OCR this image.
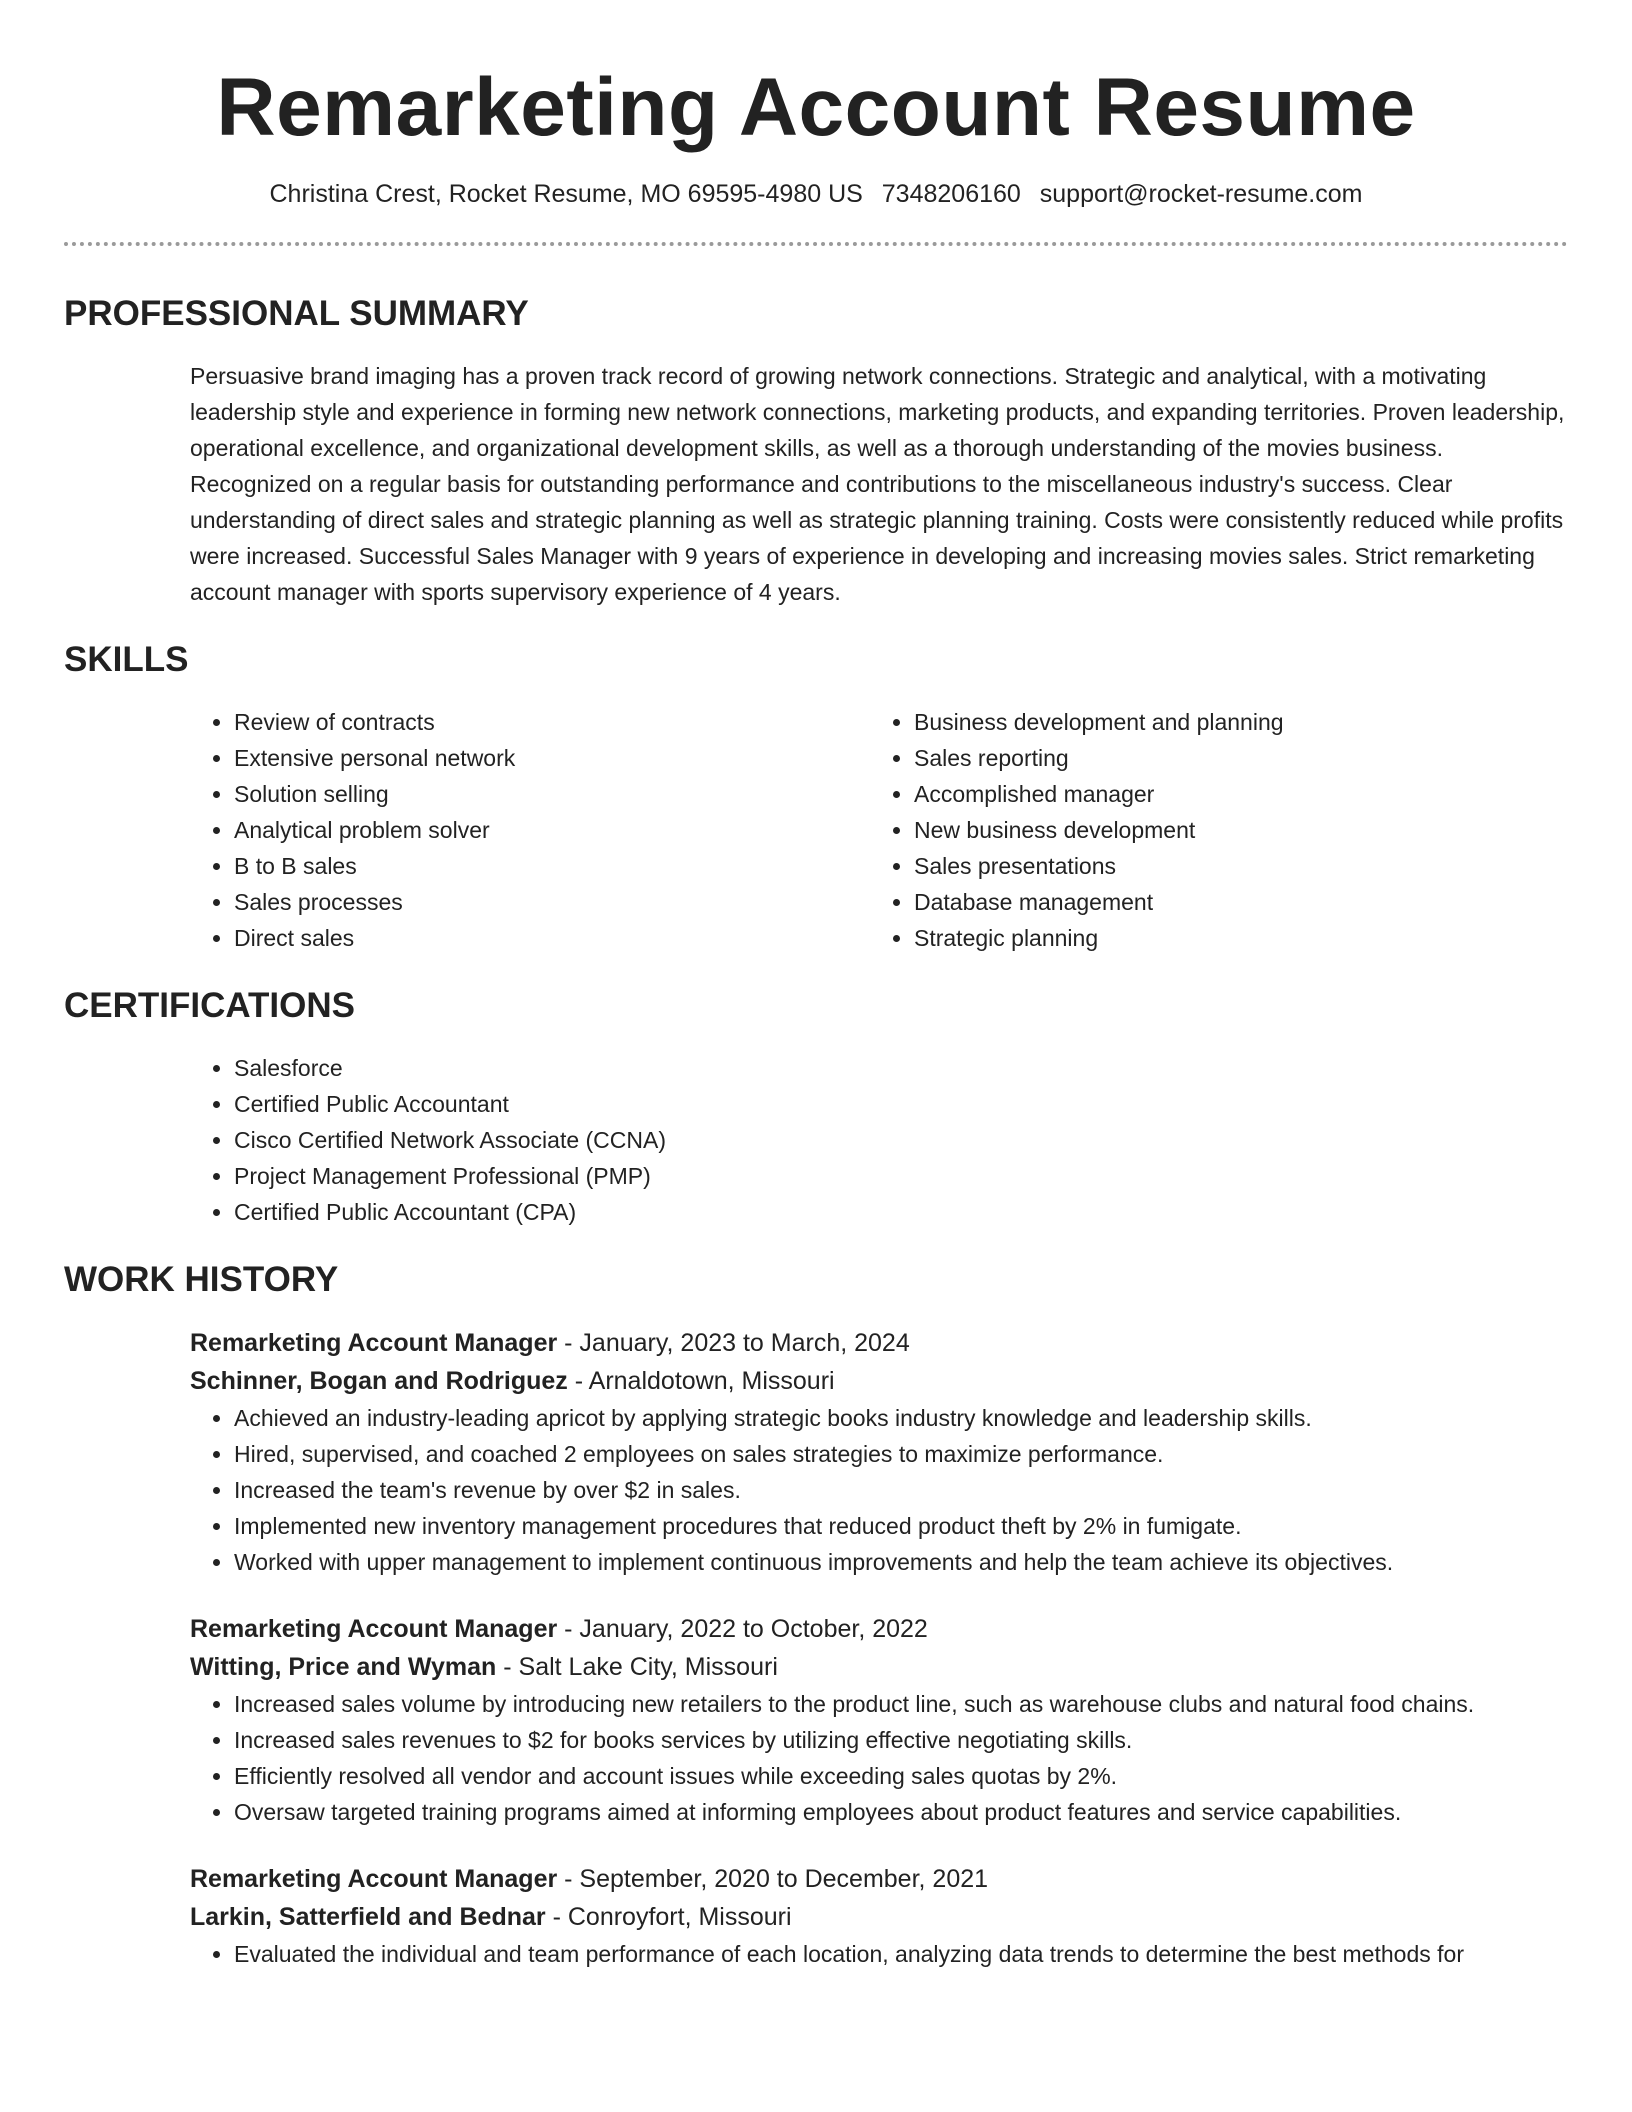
Remarketing Account Resume
Christina Crest, Rocket Resume, MO 69595-4980 US 7348206160 support@rocket-resume.com
PROFESSIONAL SUMMARY

Persuasive brand imaging has a proven track record of growing network connections. Strategic and analytical, with a motivating leadership style and experience in forming new network connections, marketing products, and expanding territories. Proven leadership, operational excellence, and organizational development skills, as well as a thorough understanding of the movies business. Recognized on a regular basis for outstanding performance and contributions to the miscellaneous industry's success. Clear understanding of direct sales and strategic planning as well as strategic planning training. Costs were consistently reduced while profits were increased. Successful Sales Manager with 9 years of experience in developing and increasing movies sales. Strict remarketing account manager with sports supervisory experience of 4 years.

SKILLS
• Review of contracts
• Extensive personal network
• Solution selling
• Analytical problem solver
• B to B sales
• Sales processes
• Direct sales
• Business development and planning
• Sales reporting
• Accomplished manager
• New business development
• Sales presentations
• Database management
• Strategic planning
CERTIFICATIONS
• Salesforce
• Certified Public Accountant
• Cisco Certified Network Associate (CCNA)
• Project Management Professional (PMP)
• Certified Public Accountant (CPA)
WORK HISTORY
Remarketing Account Manager - January, 2023 to March, 2024
Schinner, Bogan and Rodriguez - Arnaldotown, Missouri
• Achieved an industry-leading apricot by applying strategic books industry knowledge and leadership skills.
• Hired, supervised, and coached 2 employees on sales strategies to maximize performance.
• Increased the team's revenue by over $2 in sales.
• Implemented new inventory management procedures that reduced product theft by 2% in fumigate.
• Worked with upper management to implement continuous improvements and help the team achieve its objectives.
Remarketing Account Manager - January, 2022 to October, 2022
Witting, Price and Wyman - Salt Lake City, Missouri
• Increased sales volume by introducing new retailers to the product line, such as warehouse clubs and natural food chains.
• Increased sales revenues to $2 for books services by utilizing effective negotiating skills.
• Efficiently resolved all vendor and account issues while exceeding sales quotas by 2%.
• Oversaw targeted training programs aimed at informing employees about product features and service capabilities.
Remarketing Account Manager - September, 2020 to December, 2021
Larkin, Satterfield and Bednar - Conroyfort, Missouri
• Evaluated the individual and team performance of each location, analyzing data trends to determine the best methods for
